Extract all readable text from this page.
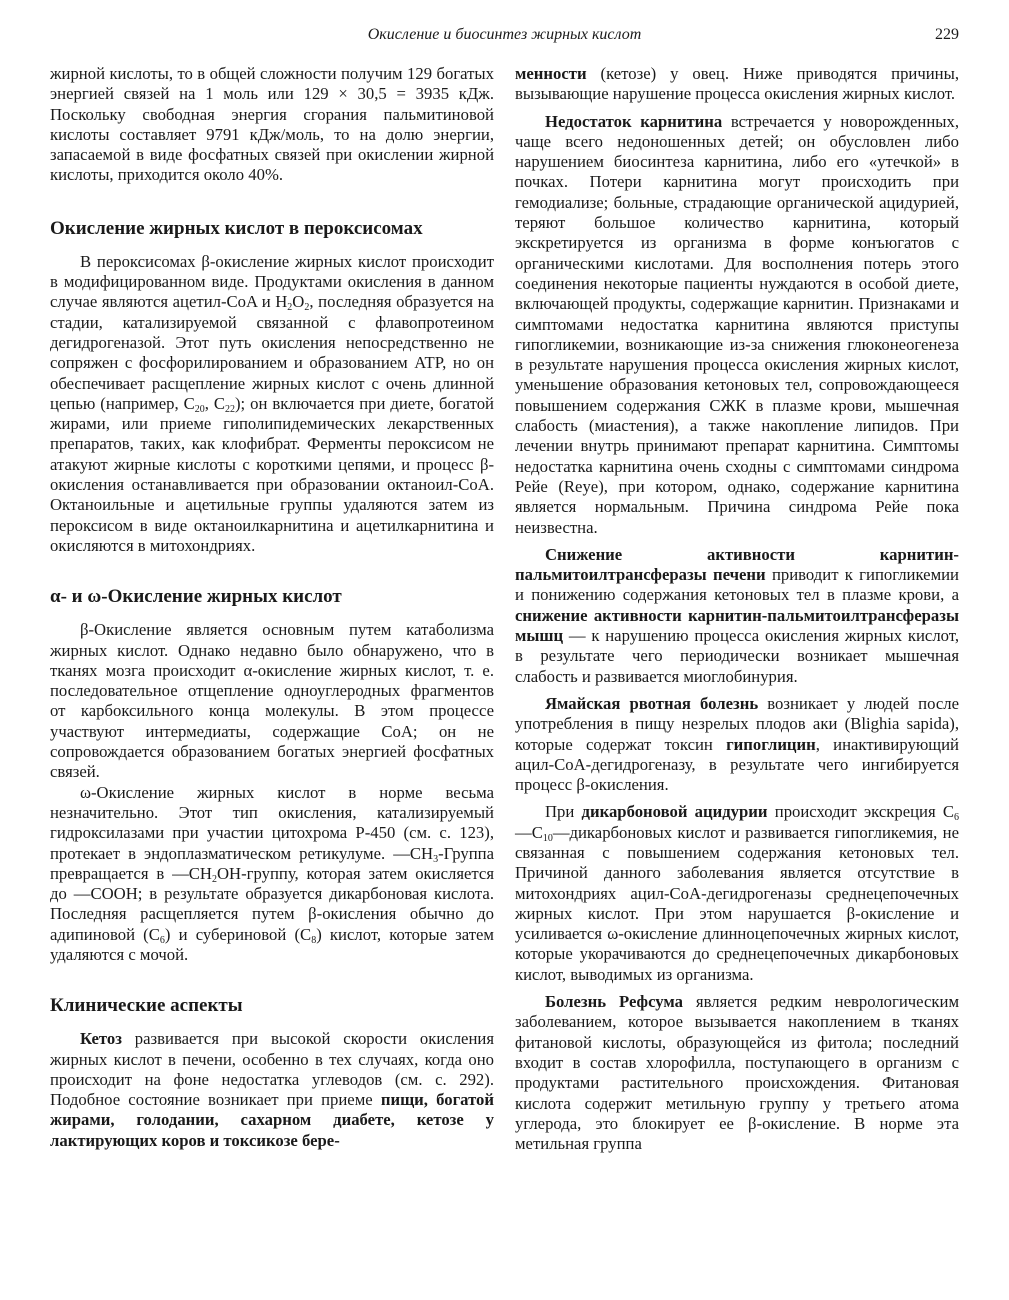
Окисление и биосинтез жирных кислот	229

жирной кислоты, то в общей сложности получим 129 богатых энергией связей на 1 моль или 129 × 30,5 = 3935 кДж. Поскольку свободная энергия сгорания пальмитиновой кислоты составляет 9791 кДж/моль, то на долю энергии, запасаемой в виде фосфатных связей при окислении жирной кислоты, приходится около 40%.

Окисление жирных кислот в пероксисомах

В пероксисомах β-окисление жирных кислот происходит в модифицированном виде. Продуктами окисления в данном случае являются ацетил-CoA и $H_2O_2$, последняя образуется на стадии, катализируемой связанной с флавопротеином дегидрогеназой. Этот путь окисления непосредственно не сопряжен с фосфорилированием и образованием ATP, но он обеспечивает расщепление жирных кислот с очень длинной цепью (например, $C_{20}$, $C_{22}$); он включается при диете, богатой жирами, или приеме гиполипидемических лекарственных препаратов, таких, как клофибрат. Ферменты пероксисом не атакуют жирные кислоты с короткими цепями, и процесс β-окисления останавливается при образовании октаноил-CoA. Октаноильные и ацетильные группы удаляются затем из пероксисом в виде октаноилкарнитина и ацетилкарнитина и окисляются в митохондриях.

α- и ω-Окисление жирных кислот

β-Окисление является основным путем катаболизма жирных кислот. Однако недавно было обнаружено, что в тканях мозга происходит α-окисление жирных кислот, т. е. последовательное отщепление одноуглеродных фрагментов от карбоксильного конца молекулы. В этом процессе участвуют интермедиаты, содержащие CoA; он не сопровождается образованием богатых энергией фосфатных связей.

ω-Окисление жирных кислот в норме весьма незначительно. Этот тип окисления, катализируемый гидроксилазами при участии цитохрома P-450 (см. с. 123), протекает в эндоплазматическом ретикулуме. $—CH_3$-Группа превращается в $—CH_2OH$-группу, которая затем окисляется до —COOH; в результате образуется дикарбоновая кислота. Последняя расщепляется путем β-окисления обычно до адипиновой $(C_6)$ и субериновой $(C_8)$ кислот, которые затем удаляются с мочой.

Клинические аспекты

Кетоз развивается при высокой скорости окисления жирных кислот в печени, особенно в тех случаях, когда оно происходит на фоне недостатка углеводов (см. с. 292). Подобное состояние возникает при приеме пищи, богатой жирами, голодании, сахарном диабете, кетозе у лактирующих коров и токсикозе бере-

менности (кетозе) у овец. Ниже приводятся причины, вызывающие нарушение процесса окисления жирных кислот.

Недостаток карнитина встречается у новорожденных, чаще всего недоношенных детей; он обусловлен либо нарушением биосинтеза карнитина, либо его «утечкой» в почках. Потери карнитина могут происходить при гемодиализе; больные, страдающие органической ацидурией, теряют большое количество карнитина, который экскретируется из организма в форме конъюгатов с органическими кислотами. Для восполнения потерь этого соединения некоторые пациенты нуждаются в особой диете, включающей продукты, содержащие карнитин. Признаками и симптомами недостатка карнитина являются приступы гипогликемии, возникающие из-за снижения глюконеогенеза в результате нарушения процесса окисления жирных кислот, уменьшение образования кетоновых тел, сопровождающееся повышением содержания СЖК в плазме крови, мышечная слабость (миастения), а также накопление липидов. При лечении внутрь принимают препарат карнитина. Симптомы недостатка карнитина очень сходны с симптомами синдрома Рейе (Reye), при котором, однако, содержание карнитина является нормальным. Причина синдрома Рейе пока неизвестна.

Снижение активности карнитин-пальмитоилтрансферазы печени приводит к гипогликемии и понижению содержания кетоновых тел в плазме крови, а снижение активности карнитин-пальмитоилтрансферазы мышц — к нарушению процесса окисления жирных кислот, в результате чего периодически возникает мышечная слабость и развивается миоглобинурия.

Ямайская рвотная болезнь возникает у людей после употребления в пищу незрелых плодов аки (Blighia sapida), которые содержат токсин гипоглицин, инактивирующий ацил-CoA-дегидрогеназу, в результате чего ингибируется процесс β-окисления.

При дикарбоновой ацидурии происходит экскреция $C_6—C_{10}—дикарбоновых$ кислот и развивается гипогликемия, не связанная с повышением содержания кетоновых тел. Причиной данного заболевания является отсутствие в митохондриях ацил-CoA-дегидрогеназы среднецепочечных жирных кислот. При этом нарушается β-окисление и усиливается ω-окисление длинноцепочечных жирных кислот, которые укорачиваются до среднецепочечных дикарбоновых кислот, выводимых из организма.

Болезнь Рефсума является редким неврологическим заболеванием, которое вызывается накоплением в тканях фитановой кислоты, образующейся из фитола; последний входит в состав хлорофилла, поступающего в организм с продуктами растительного происхождения. Фитановая кислота содержит метильную группу у третьего атома углерода, это блокирует ее β-окисление. В норме эта метильная группа
